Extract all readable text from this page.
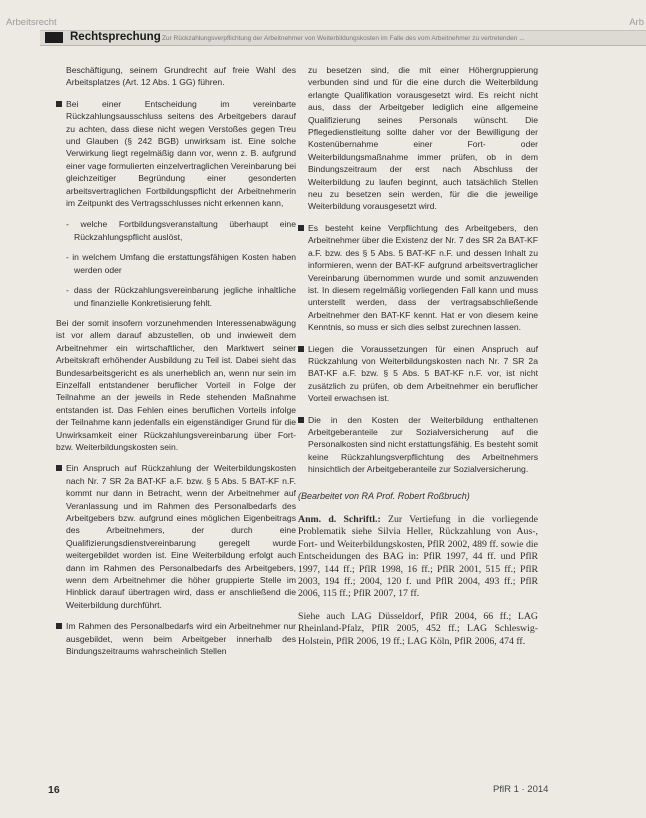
Arbeitsrecht	Arb
Rechtsprechung Zur Rückzahlungsverpflichtung der Arbeitnehmer von Weiterbildungskosten im Falle des vom Arbeitnehmer zu vertretenden ...
Beschäftigung, seinem Grundrecht auf freie Wahl des Arbeitsplatzes (Art. 12 Abs. 1 GG) führen.
Bei einer Entscheidung im vereinbarte Rückzahlungsausschluss seitens des Arbeitgebers darauf zu achten, dass diese nicht wegen Verstoßes gegen Treu und Glauben (§ 242 BGB) unwirksam ist. Eine solche Verwirkung liegt regelmäßig dann vor, wenn z. B. aufgrund einer vage formulierten einzelvertraglichen Vereinbarung bei gleichzeitiger Begründung einer gesonderten arbeitsvertraglichen Fortbildungspflicht der Arbeitnehmerin im Zeitpunkt des Vertragsschlusses nicht erkennen kann,
- welche Fortbildungsveranstaltung überhaupt eine Rückzahlungspflicht auslöst,
- in welchem Umfang die erstattungsfähigen Kosten haben werden oder
- dass der Rückzahlungsvereinbarung jegliche inhaltliche und finanzielle Konkretisierung fehlt.
Bei der somit insofern vorzunehmenden Interessenabwägung ist vor allem darauf abzustellen, ob und inwieweit dem Arbeitnehmer ein wirtschaftlicher, den Marktwert seiner Arbeitskraft erhöhender Ausbildung zu Teil ist. Dabei sieht das Bundesarbeitsgericht es als unerheblich an, wenn nur sein im Einzelfall entstandener beruflicher Vorteil in Folge der Teilnahme an der jeweils in Rede stehenden Maßnahme entstanden ist. Das Fehlen eines beruflichen Vorteils infolge der Teilnahme kann jedenfalls ein eigenständiger Grund für die Unwirksamkeit einer Rückzahlungsvereinbarung über Fort- bzw. Weiterbildungskosten sein.
Ein Anspruch auf Rückzahlung der Weiterbildungskosten nach Nr. 7 SR 2a BAT-KF a.F. bzw. § 5 Abs. 5 BAT-KF n.F. kommt nur dann in Betracht, wenn der Arbeitnehmer auf Veranlassung und im Rahmen des Personalbedarfs des Arbeitgebers bzw. aufgrund eines möglichen Eigenbeitrags des Arbeitnehmers, der durch eine Qualifizierungsdienstvereinbarung geregelt wurde weitergebildet worden ist. Eine Weiterbildung erfolgt auch dann im Rahmen des Personalbedarfs des Arbeitgebers, wenn dem Arbeitnehmer die höher gruppierte Stelle im Hinblick darauf übertragen wird, dass er anschließend die Weiterbildung durchführt.
Im Rahmen des Personalbedarfs wird ein Arbeitnehmer nur ausgebildet, wenn beim Arbeitgeber innerhalb des Bindungszeitraums wahrscheinlich Stellen
zu besetzen sind, die mit einer Höhergruppierung verbunden sind und für die eine durch die Weiterbildung erlangte Qualifikation vorausgesetzt wird. Es reicht nicht aus, dass der Arbeitgeber lediglich eine allgemeine Qualifizierung seines Personals wünscht. Die Pflegedienstleitung sollte daher vor der Bewilligung der Kostenübernahme einer Fort- oder Weiterbildungsmaßnahme immer prüfen, ob in dem Bindungszeitraum der erst nach Abschluss der Weiterbildung zu laufen beginnt, auch tatsächlich Stellen neu zu besetzen sein werden, für die die jeweilige Weiterbildung vorausgesetzt wird.
Es besteht keine Verpflichtung des Arbeitgebers, den Arbeitnehmer über die Existenz der Nr. 7 des SR 2a BAT-KF a.F. bzw. des § 5 Abs. 5 BAT-KF n.F. und dessen Inhalt zu informieren, wenn der BAT-KF aufgrund arbeitsvertraglicher Vereinbarung übernommen wurde und somit anzuwenden ist. In diesem regelmäßig vorliegenden Fall kann und muss unterstellt werden, dass der vertragsabschließende Arbeitnehmer den BAT-KF kennt. Hat er von diesem keine Kenntnis, so muss er sich dies selbst zurechnen lassen.
Liegen die Voraussetzungen für einen Anspruch auf Rückzahlung von Weiterbildungskosten nach Nr. 7 SR 2a BAT-KF a.F. bzw. § 5 Abs. 5 BAT-KF n.F. vor, ist nicht zusätzlich zu prüfen, ob dem Arbeitnehmer ein beruflicher Vorteil erwachsen ist.
Die in den Kosten der Weiterbildung enthaltenen Arbeitgeberanteile zur Sozialversicherung auf die Personalkosten sind nicht erstattungsfähig. Es besteht somit keine Rückzahlungsverpflichtung des Arbeitnehmers hinsichtlich der Arbeitgeberanteile zur Sozialversicherung.
(Bearbeitet von RA Prof. Robert Roßbruch)

Anm. d. Schriftl.: Zur Vertiefung in die vorliegende Problematik siehe Silvia Heller, Rückzahlung von Aus-, Fort- und Weiterbildungskosten, PflR 2002, 489 ff. sowie die Entscheidungen des BAG in: PflR 1997, 44 ff. und PflR 1997, 144 ff.; PflR 1998, 16 ff.; PflR 2001, 515 ff.; PflR 2003, 194 ff.; 2004, 120 f. und PflR 2004, 493 ff.; PflR 2006, 115 ff.; PflR 2007, 17 ff.

Siehe auch LAG Düsseldorf, PflR 2004, 66 ff.; LAG Rheinland-Pfalz, PflR 2005, 452 ff.; LAG Schleswig-Holstein, PflR 2006, 19 ff.; LAG Köln, PflR 2006, 474 ff.

16	PflR 1 · 2014
